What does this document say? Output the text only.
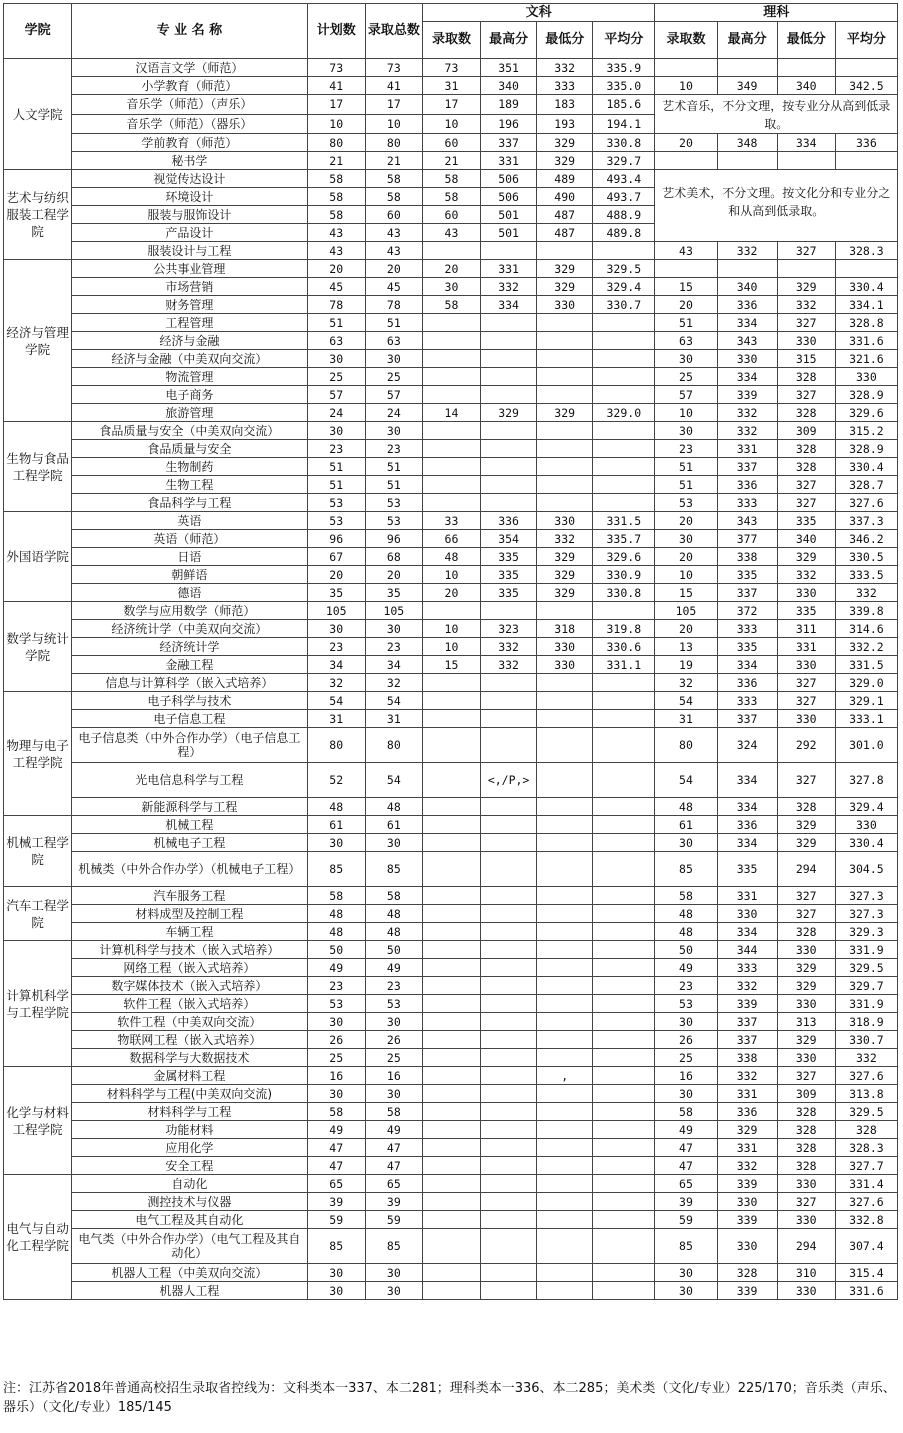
学院	专 业 名 称	计划数	录取总数	文科				理科			
				录取数	最高分	最低分	平均分	录取数	最高分	最低分	平均分
人文学院	汉语言文学（师范）	73	73	73	351	332	335.9				
	小学教育（师范）	41	41	31	340	333	335.0	10	349	340	342.5
	音乐学（师范）（声乐）	17	17	17	189	183	185.6	艺术音乐，不分文理，按专业分从高到低录取。			
	音乐学（师范）（器乐）	10	10	10	196	193	194.1				
	学前教育（师范）	80	80	60	337	329	330.8	20	348	334	336
	秘书学	21	21	21	331	329	329.7				
艺术与纺织服装工程学院	视觉传达设计	58	58	58	506	489	493.4	艺术美术，不分文理。按文化分和专业分之和从高到低录取。			
	环境设计	58	58	58	506	490	493.7				
	服装与服饰设计	58	60	60	501	487	488.9				
	产品设计	43	43	43	501	487	489.8				
	服装设计与工程	43	43					43	332	327	328.3
经济与管理学院	公共事业管理	20	20	20	331	329	329.5				
	市场营销	45	45	30	332	329	329.4	15	340	329	330.4
	财务管理	78	78	58	334	330	330.7	20	336	332	334.1
	工程管理	51	51					51	334	327	328.8
	经济与金融	63	63					63	343	330	331.6
	经济与金融（中美双向交流）	30	30					30	330	315	321.6
	物流管理	25	25					25	334	328	330
	电子商务	57	57					57	339	327	328.9
	旅游管理	24	24	14	329	329	329.0	10	332	328	329.6
生物与食品工程学院	食品质量与安全（中美双向交流）	30	30					30	332	309	315.2
	食品质量与安全	23	23					23	331	328	328.9
	生物制药	51	51					51	337	328	330.4
	生物工程	51	51					51	336	327	328.7
	食品科学与工程	53	53					53	333	327	327.6
外国语学院	英语	53	53	33	336	330	331.5	20	343	335	337.3
	英语（师范）	96	96	66	354	332	335.7	30	377	340	346.2
	日语	67	68	48	335	329	329.6	20	338	329	330.5
	朝鲜语	20	20	10	335	329	330.9	10	335	332	333.5
	德语	35	35	20	335	329	330.8	15	337	330	332
数学与统计学院	数学与应用数学（师范）	105	105					105	372	335	339.8
	经济统计学（中美双向交流）	30	30	10	323	318	319.8	20	333	311	314.6
	经济统计学	23	23	10	332	330	330.6	13	335	331	332.2
	金融工程	34	34	15	332	330	331.1	19	334	330	331.5
	信息与计算科学（嵌入式培养）	32	32					32	336	327	329.0
物理与电子工程学院	电子科学与技术	54	54					54	333	327	329.1
	电子信息工程	31	31					31	337	330	333.1
	电子信息类（中外合作办学）（电子信息工程）	80	80					80	324	292	301.0
	光电信息科学与工程	52	54		<,/P,>			54	334	327	327.8
	新能源科学与工程	48	48					48	334	328	329.4
机械工程学院	机械工程	61	61					61	336	329	330
	机械电子工程	30	30					30	334	329	330.4
	机械类（中外合作办学）（机械电子工程）	85	85					85	335	294	304.5
汽车工程学院	汽车服务工程	58	58					58	331	327	327.3
	材料成型及控制工程	48	48					48	330	327	327.3
	车辆工程	48	48					48	334	328	329.3
计算机科学与工程学院	计算机科学与技术（嵌入式培养）	50	50					50	344	330	331.9
	网络工程（嵌入式培养）	49	49					49	333	329	329.5
	数字媒体技术（嵌入式培养）	23	23					23	332	329	329.7
	软件工程（嵌入式培养）	53	53					53	339	330	331.9
	软件工程（中美双向交流）	30	30					30	337	313	318.9
	物联网工程（嵌入式培养）	26	26					26	337	329	330.7
	数据科学与大数据技术	25	25					25	338	330	332
化学与材料工程学院	金属材料工程	16	16			,		16	332	327	327.6
	材料科学与工程(中美双向交流)	30	30					30	331	309	313.8
	材料科学与工程	58	58					58	336	328	329.5
	功能材料	49	49					49	329	328	328
	应用化学	47	47					47	331	328	328.3
	安全工程	47	47					47	332	328	327.7
电气与自动化工程学院	自动化	65	65					65	339	330	331.4
	测控技术与仪器	39	39					39	330	327	327.6
	电气工程及其自动化	59	59					59	339	330	332.8
	电气类（中外合作办学）（电气工程及其自动化）	85	85					85	330	294	307.4
	机器人工程（中美双向交流）	30	30					30	328	310	315.4
	机器人工程	30	30					30	339	330	331.6
注：江苏省2018年普通高校招生录取省控线为：文科类本一337、本二281；理科类本一336、本二285；美术类（文化/专业）225/170；音乐类（声乐、器乐）（文化/专业）185/145
